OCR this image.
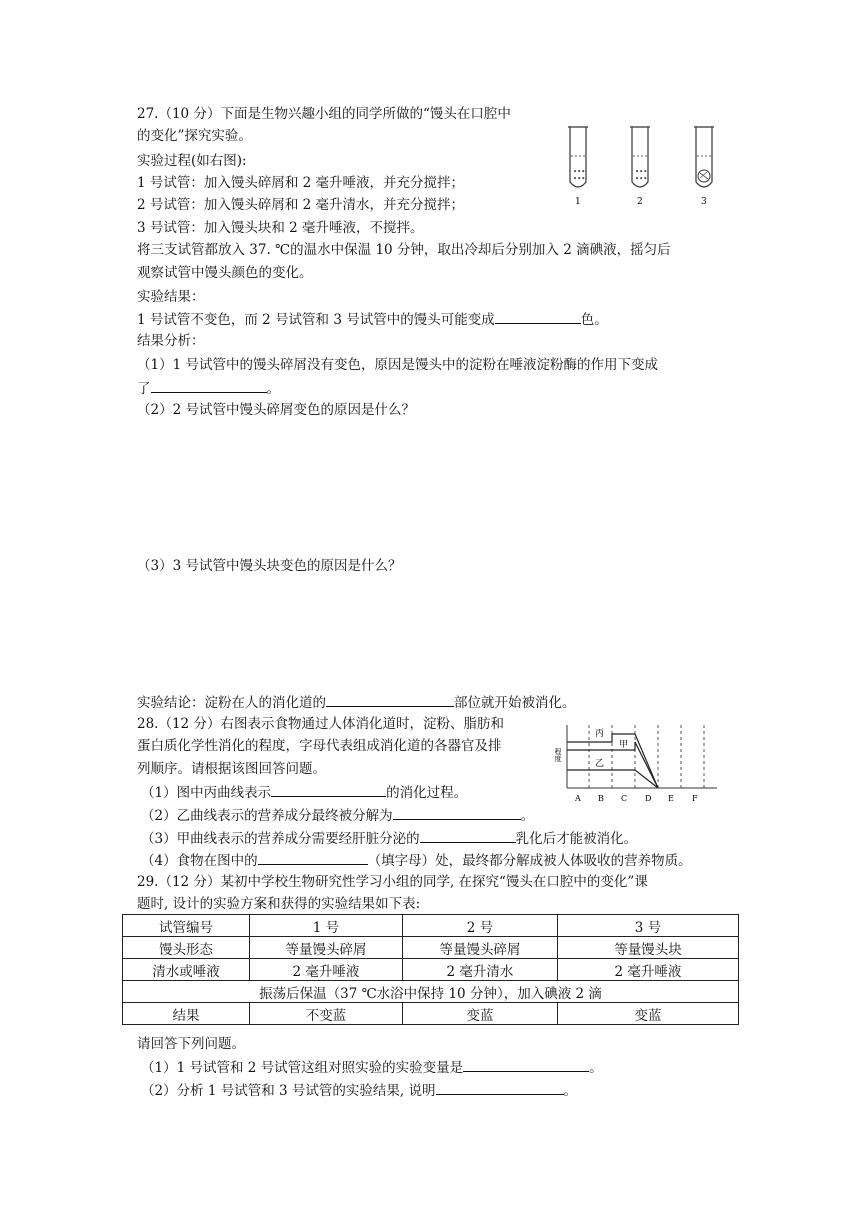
27.（10 分）下面是生物兴趣小组的同学所做的“馒头在口腔中
的变化”探究实验。
实验过程(如右图):
1 号试管：加入馒头碎屑和 2 毫升唾液，并充分搅拌；
2 号试管：加入馒头碎屑和 2 毫升清水，并充分搅拌；
3 号试管：加入馒头块和 2 毫升唾液，不搅拌。
将三支试管都放入 37. ℃的温水中保温 10 分钟，取出冷却后分别加入 2 滴碘液，摇匀后
观察试管中馒头颜色的变化。
实验结果：
1 号试管不变色，而 2 号试管和 3 号试管中的馒头可能变成	色。
结果分析：
（1）1 号试管中的馒头碎屑没有变色，原因是馒头中的淀粉在唾液淀粉酶的作用下变成
了	。
（2）2 号试管中馒头碎屑变色的原因是什么？
（3）3 号试管中馒头块变色的原因是什么？
实验结论：淀粉在人的消化道的	部位就开始被消化。
•••
•••
•••
•••
1	2	3
28.（12 分）右图表示食物通过人体消化道时，淀粉、脂肪和
蛋白质化学性消化的程度，字母代表组成消化道的各器官及排
列顺序。请根据该图回答问题。
（1）图中丙曲线表示	的消化过程。
（2）乙曲线表示的营养成分最终被分解为	。
（3）甲曲线表示的营养成分需要经肝脏分泌的	乳化后才能被消化。
（4）食物在图中的	（填字母）处，最终都分解成被人体吸收的营养物质。
程度
丙
甲
乙
A B C D E F
29.（12 分）某初中学校生物研究性学习小组的同学, 在探究“馒头在口腔中的变化”课
题时, 设计的实验方案和获得的实验结果如下表:
试管编号	1 号	2 号	3 号
馒头形态	等量馒头碎屑	等量馒头碎屑	等量馒头块
清水或唾液	2 毫升唾液	2 毫升清水	2 毫升唾液
振荡后保温（37 ℃水浴中保持 10 分钟），加入碘液 2 滴			
结果	不变蓝	变蓝	变蓝
请回答下列问题。
（1）1 号试管和 2 号试管这组对照实验的实验变量是	。
（2）分析 1 号试管和 3 号试管的实验结果, 说明	。
